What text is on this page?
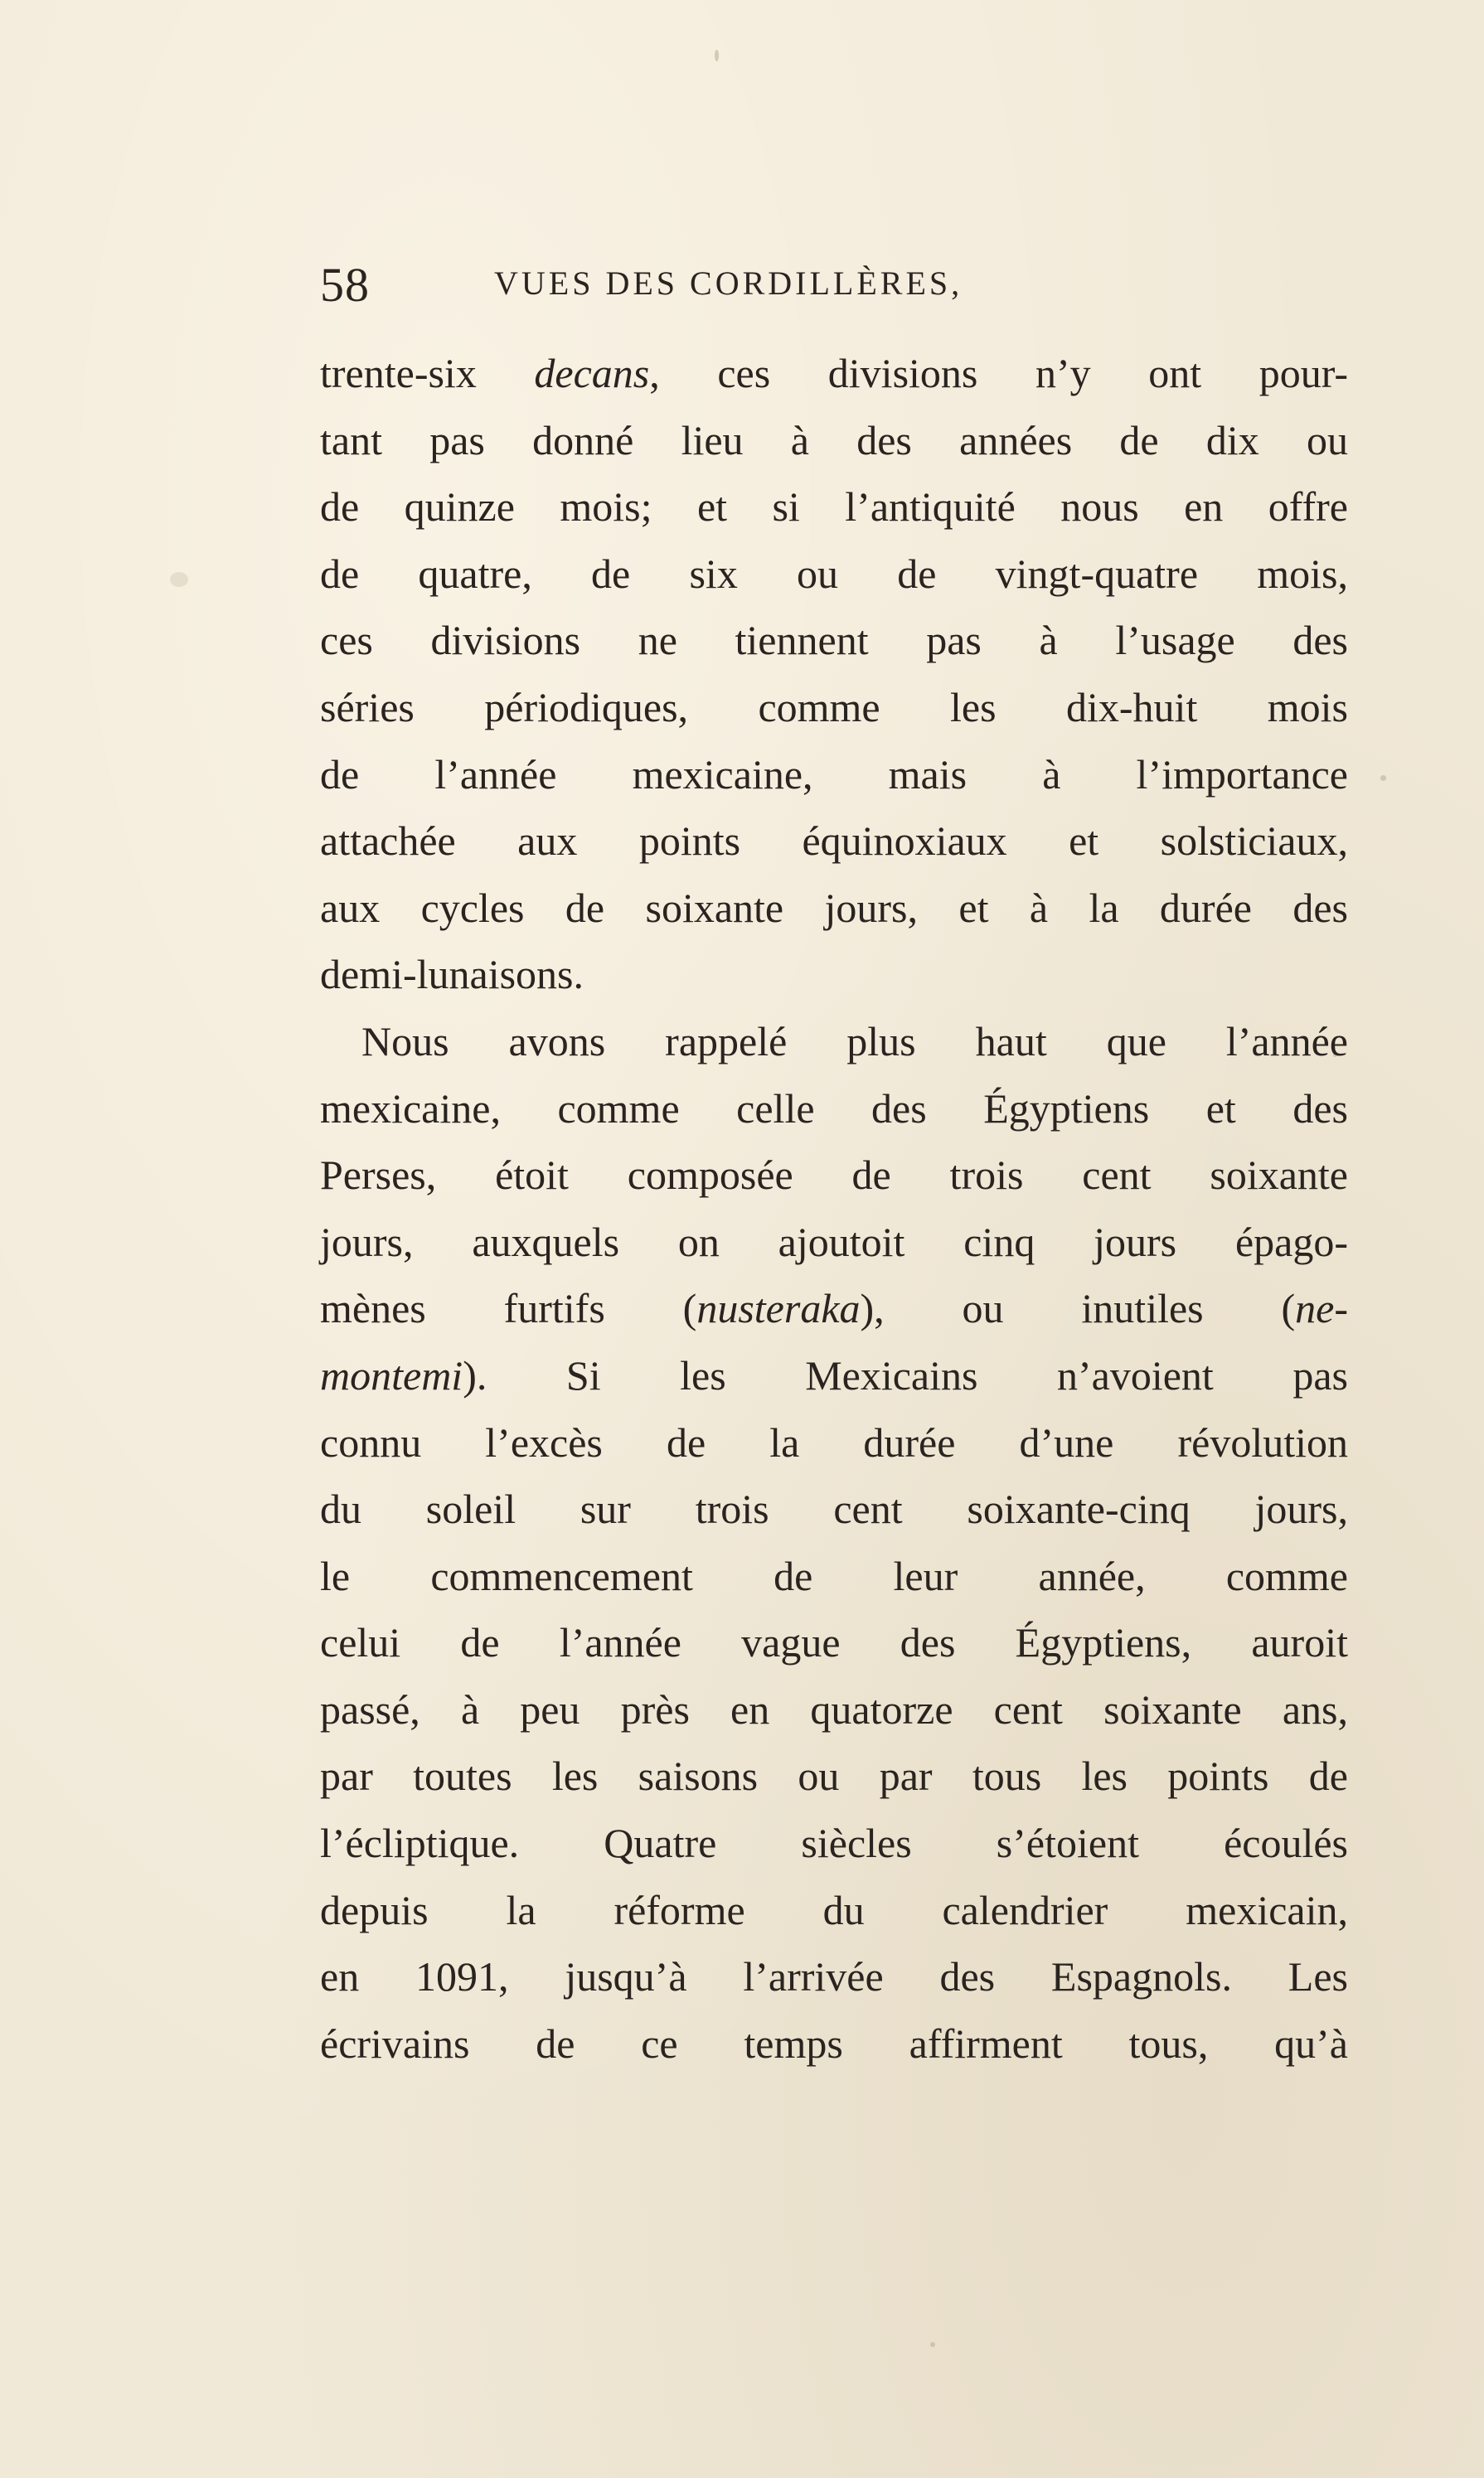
58	VUES DES CORDILLÈRES,
trente-six decans, ces divisions n’y ont pour-
tant pas donné lieu à des années de dix ou
de quinze mois; et si l’antiquité nous en offre
de quatre, de six ou de vingt-quatre mois,
ces divisions ne tiennent pas à l’usage des
séries périodiques, comme les dix-huit mois
de l’année mexicaine, mais à l’importance
attachée aux points équinoxiaux et solsticiaux,
aux cycles de soixante jours, et à la durée des
demi-lunaisons.
Nous avons rappelé plus haut que l’année
mexicaine, comme celle des Égyptiens et des
Perses, étoit composée de trois cent soixante
jours, auxquels on ajoutoit cinq jours épago-
mènes furtifs (nusteraka), ou inutiles (ne-
montemi). Si les Mexicains n’avoient pas
connu l’excès de la durée d’une révolution
du soleil sur trois cent soixante-cinq jours,
le commencement de leur année, comme
celui de l’année vague des Égyptiens, auroit
passé, à peu près en quatorze cent soixante ans,
par toutes les saisons ou par tous les points de
l’écliptique. Quatre siècles s’étoient écoulés
depuis la réforme du calendrier mexicain,
en 1091, jusqu’à l’arrivée des Espagnols. Les
écrivains de ce temps affirment tous, qu’à
